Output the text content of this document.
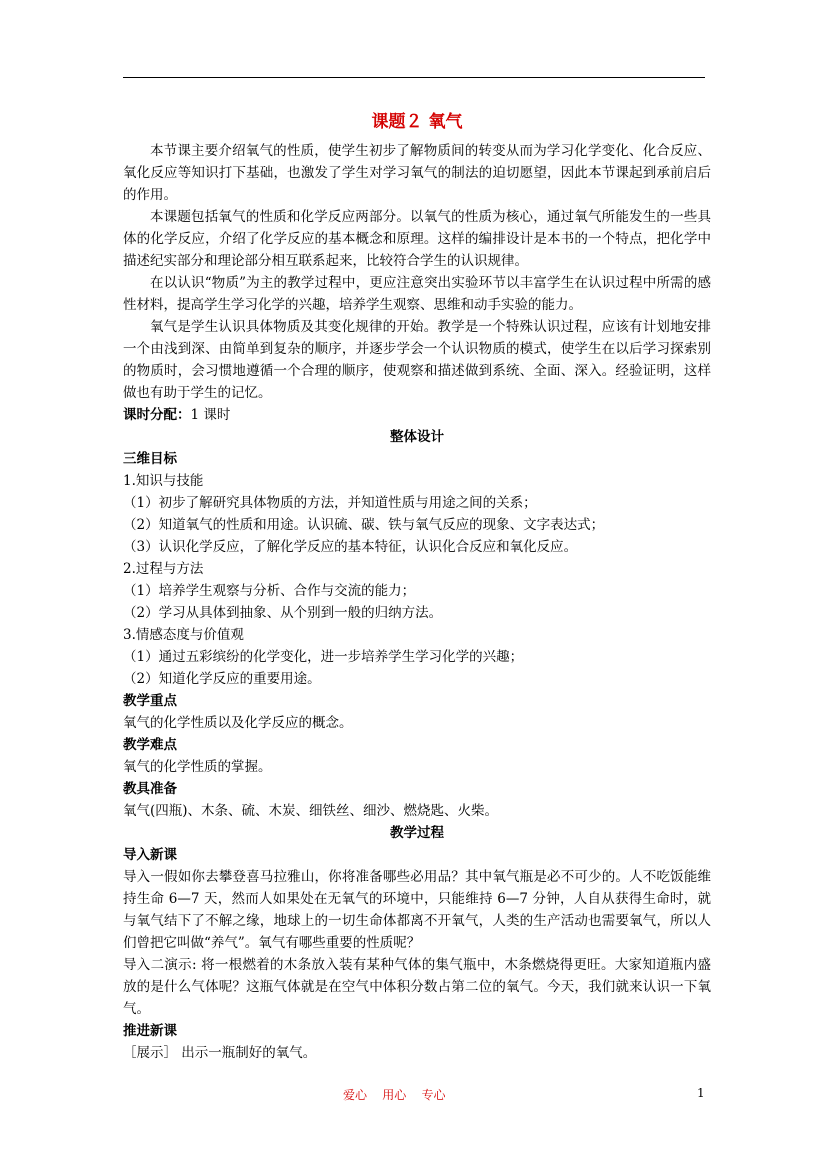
课题２ 氧气

本节课主要介绍氧气的性质，使学生初步了解物质间的转变从而为学习化学变化、化合反应、氧化反应等知识打下基础，也激发了学生对学习氧气的制法的迫切愿望，因此本节课起到承前启后的作用。

本课题包括氧气的性质和化学反应两部分。以氧气的性质为核心，通过氧气所能发生的一些具体的化学反应，介绍了化学反应的基本概念和原理。这样的编排设计是本书的一个特点，把化学中描述纪实部分和理论部分相互联系起来，比较符合学生的认识规律。

在以认识“物质”为主的教学过程中，更应注意突出实验环节以丰富学生在认识过程中所需的感性材料，提高学生学习化学的兴趣，培养学生观察、思维和动手实验的能力。

氧气是学生认识具体物质及其变化规律的开始。教学是一个特殊认识过程，应该有计划地安排一个由浅到深、由简单到复杂的顺序，并逐步学会一个认识物质的模式，使学生在以后学习探索别的物质时，会习惯地遵循一个合理的顺序，使观察和描述做到系统、全面、深入。经验证明，这样做也有助于学生的记忆。

课时分配：1 课时

整体设计

三维目标

1.知识与技能

（1）初步了解研究具体物质的方法，并知道性质与用途之间的关系；

（2）知道氧气的性质和用途。认识硫、碳、铁与氧气反应的现象、文字表达式；

（3）认识化学反应，了解化学反应的基本特征，认识化合反应和氧化反应。

2.过程与方法

（1）培养学生观察与分析、合作与交流的能力；

（2）学习从具体到抽象、从个别到一般的归纳方法。

3.情感态度与价值观

（1）通过五彩缤纷的化学变化，进一步培养学生学习化学的兴趣；

（2）知道化学反应的重要用途。

教学重点

氧气的化学性质以及化学反应的概念。

教学难点

氧气的化学性质的掌握。

教具准备

氧气(四瓶)、木条、硫、木炭、细铁丝、细沙、燃烧匙、火柴。

教学过程

导入新课

导入一假如你去攀登喜马拉雅山，你将准备哪些必用品？其中氧气瓶是必不可少的。人不吃饭能维持生命 6—7 天，然而人如果处在无氧气的环境中，只能维持 6—7 分钟，人自从获得生命时，就与氧气结下了不解之缘，地球上的一切生命体都离不开氧气，人类的生产活动也需要氧气，所以人们曾把它叫做“养气”。氧气有哪些重要的性质呢？

导入二演示: 将一根燃着的木条放入装有某种气体的集气瓶中，木条燃烧得更旺。大家知道瓶内盛放的是什么气体呢？这瓶气体就是在空气中体积分数占第二位的氧气。今天，我们就来认识一下氧气。

推进新课

［展示］ 出示一瓶制好的氧气。

爱心    用心    专心	1
